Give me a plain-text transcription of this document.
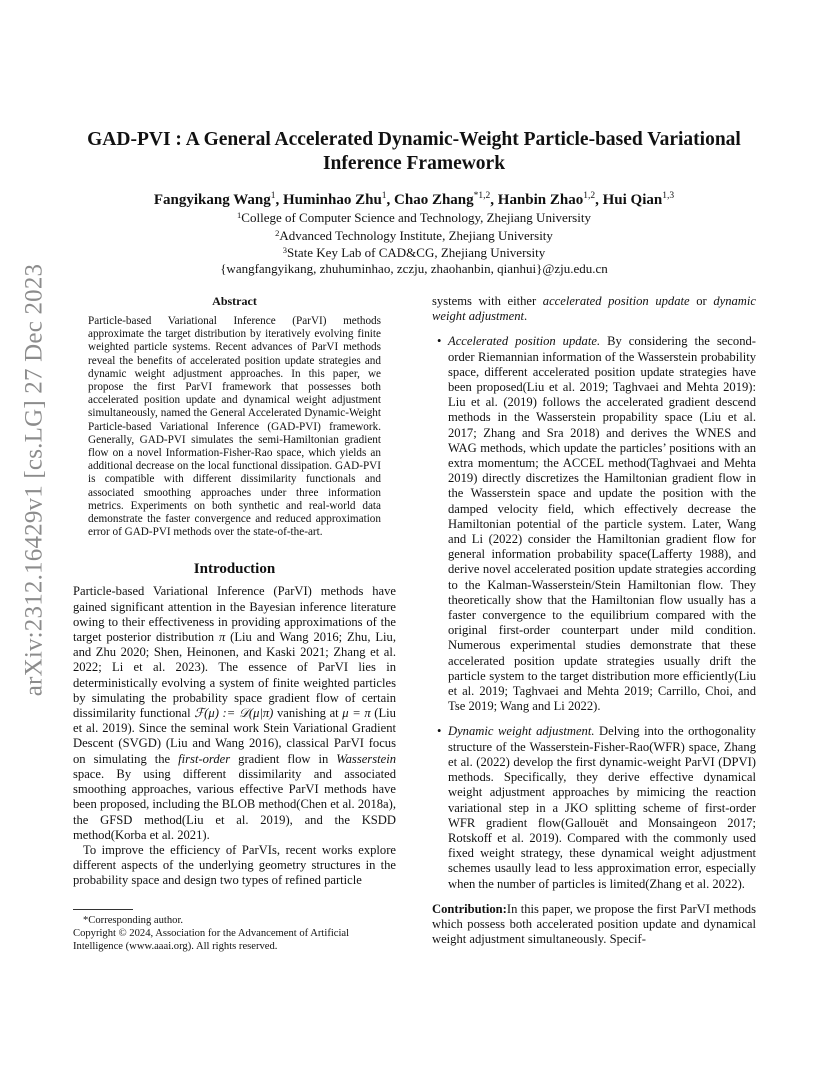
arXiv:2312.16429v1 [cs.LG] 27 Dec 2023
GAD-PVI : A General Accelerated Dynamic-Weight Particle-based Variational
Inference Framework
Fangyikang Wang$^1$, Huminhao Zhu$^1$, Chao Zhang$^{*1,2}$, Hanbin Zhao$^{1,2}$, Hui Qian$^{1,3}$
$^1$College of Computer Science and Technology, Zhejiang University
$^2$Advanced Technology Institute, Zhejiang University
$^3$State Key Lab of CAD&CG, Zhejiang University
{wangfangyikang, zhuhuminhao, zczju, zhaohanbin, qianhui}@zju.edu.cn
Abstract
Particle-based Variational Inference (ParVI) methods approximate the target distribution by iteratively evolving finite weighted particle systems. Recent advances of ParVI methods reveal the benefits of accelerated position update strategies and dynamic weight adjustment approaches. In this paper, we propose the first ParVI framework that possesses both accelerated position update and dynamical weight adjustment simultaneously, named the General Accelerated Dynamic-Weight Particle-based Variational Inference (GAD-PVI) framework. Generally, GAD-PVI simulates the semi-Hamiltonian gradient flow on a novel Information-Fisher-Rao space, which yields an additional decrease on the local functional dissipation. GAD-PVI is compatible with different dissimilarity functionals and associated smoothing approaches under three information metrics. Experiments on both synthetic and real-world data demonstrate the faster convergence and reduced approximation error of GAD-PVI methods over the state-of-the-art.
Introduction

Particle-based Variational Inference (ParVI) methods have gained significant attention in the Bayesian inference literature owing to their effectiveness in providing approximations of the target posterior distribution π (Liu and Wang 2016; Zhu, Liu, and Zhu 2020; Shen, Heinonen, and Kaski 2021; Zhang et al. 2022; Li et al. 2023). The essence of ParVI lies in deterministically evolving a system of finite weighted particles by simulating the probability space gradient flow of certain dissimilarity functional ℱ(μ) := 𝒟(μ|π) vanishing at μ = π (Liu et al. 2019). Since the seminal work Stein Variational Gradient Descent (SVGD) (Liu and Wang 2016), classical ParVI focus on simulating the first-order gradient flow in Wasserstein space. By using different dissimilarity and associated smoothing approaches, various effective ParVI methods have been proposed, including the BLOB method(Chen et al. 2018a), the GFSD method(Liu et al. 2019), and the KSDD method(Korba et al. 2021).

To improve the efficiency of ParVIs, recent works explore different aspects of the underlying geometry structures in the probability space and design two types of refined particle

*Corresponding author.

Copyright © 2024, Association for the Advancement of Artificial Intelligence (www.aaai.org). All rights reserved.

systems with either accelerated position update or dynamic weight adjustment.

• Accelerated position update. By considering the second-order Riemannian information of the Wasserstein probability space, different accelerated position update strategies have been proposed(Liu et al. 2019; Taghvaei and Mehta 2019): Liu et al. (2019) follows the accelerated gradient descend methods in the Wasserstein propability space (Liu et al. 2017; Zhang and Sra 2018) and derives the WNES and WAG methods, which update the particles’ positions with an extra momentum; the ACCEL method(Taghvaei and Mehta 2019) directly discretizes the Hamiltonian gradient flow in the Wasserstein space and update the position with the damped velocity field, which effectively decrease the Hamiltonian potential of the particle system. Later, Wang and Li (2022) consider the Hamiltonian gradient flow for general information probability space(Lafferty 1988), and derive novel accelerated position update strategies according to the Kalman-Wasserstein/Stein Hamiltonian flow. They theoretically show that the Hamiltonian flow usually has a faster convergence to the equilibrium compared with the original first-order counterpart under mild condition. Numerous experimental studies demonstrate that these accelerated position update strategies usually drift the particle system to the target distribution more efficiently(Liu et al. 2019; Taghvaei and Mehta 2019; Carrillo, Choi, and Tse 2019; Wang and Li 2022).
• Dynamic weight adjustment. Delving into the orthogonality structure of the Wasserstein-Fisher-Rao(WFR) space, Zhang et al. (2022) develop the first dynamic-weight ParVI (DPVI) methods. Specifically, they derive effective dynamical weight adjustment approaches by mimicing the reaction variational step in a JKO splitting scheme of first-order WFR gradient flow(Gallouët and Monsaingeon 2017; Rotskoff et al. 2019). Compared with the commonly used fixed weight strategy, these dynamical weight adjustment schemes usaully lead to less approximation error, especially when the number of particles is limited(Zhang et al. 2022).

Contribution:In this paper, we propose the first ParVI methods which possess both accelerated position update and dynamical weight adjustment simultaneously. Specif-
